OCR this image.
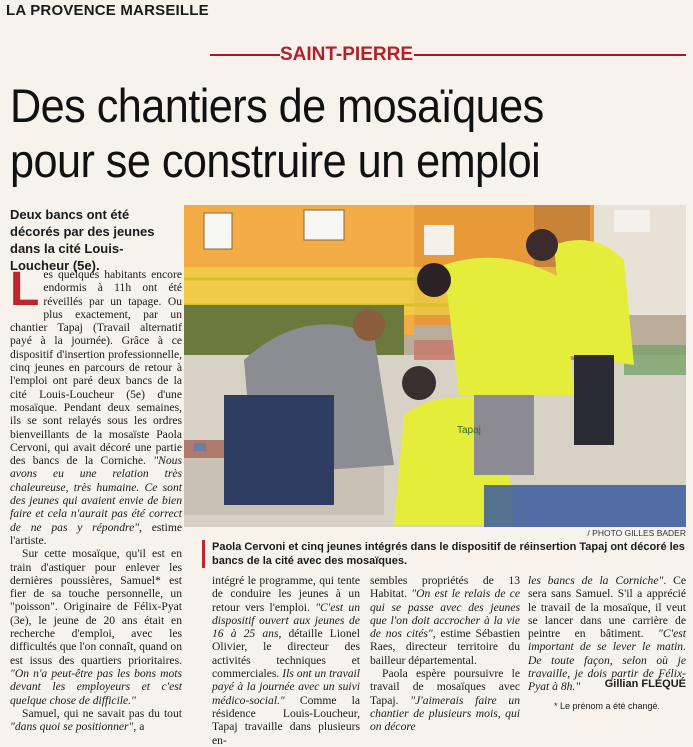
LA PROVENCE MARSEILLE
SAINT-PIERRE
Des chantiers de mosaïques
pour se construire un emploi
Deux bancs ont été décorés par des jeunes dans la cité Louis-Loucheur (5e).
Tapaj
/ PHOTO GILLES BADER
Paola Cervoni et cinq jeunes intégrés dans le dispositif de réinsertion Tapaj ont décoré les bancs de la cité avec des mosaïques.

Les quelques habitants encore endormis à 11h ont été réveillés par un tapage. Ou plus exactement, par un chantier Tapaj (Travail alternatif payé à la journée). Grâce à ce dispositif d'insertion professionnelle, cinq jeunes en parcours de retour à l'emploi ont paré deux bancs de la cité Louis-Loucheur (5e) d'une mosaïque. Pendant deux semaines, ils se sont relayés sous les ordres bienveillants de la mosaïste Paola Cervoni, qui avait décoré une partie des bancs de la Corniche. "Nous avons eu une relation très chaleureuse, très humaine. Ce sont des jeunes qui avaient envie de bien faire et cela n'aurait pas été correct de ne pas y répondre", estime l'artiste.

Sur cette mosaïque, qu'il est en train d'astiquer pour enlever les dernières poussières, Samuel* est fier de sa touche personnelle, un "poisson". Originaire de Félix-Pyat (3e), le jeune de 20 ans était en recherche d'emploi, avec les difficultés que l'on connaît, quand on est issus des quartiers prioritaires. "On n'a peut-être pas les bons mots devant les employeurs et c'est quelque chose de difficile."

Samuel, qui ne savait pas du tout "dans quoi se positionner", a

intégré le programme, qui tente de conduire les jeunes à un retour vers l'emploi. "C'est un dispositif ouvert aux jeunes de 16 à 25 ans, détaille Lionel Olivier, le directeur des activités techniques et commerciales. Ils ont un travail payé à la journée avec un suivi médico-social." Comme la résidence Louis-Loucheur, Tapaj travaille dans plusieurs en-

sembles propriétés de 13 Habitat. "On est le relais de ce qui se passe avec des jeunes que l'on doit accrocher à la vie de nos cités", estime Sébastien Raes, directeur territoire du bailleur départemental.

Paola espère poursuivre le travail de mosaïques avec Tapaj. "J'aimerais faire un chantier de plusieurs mois, qui on décore

les bancs de la Corniche". Ce sera sans Samuel. S'il a apprécié le travail de la mosaïque, il veut se lancer dans une carrière de peintre en bâtiment. "C'est important de se lever le matin. De toute façon, selon où je travaille, je dois partir de Félix-Pyat à 8h."	Gillian FLÉQUÉ
* Le prénom a été changé.
